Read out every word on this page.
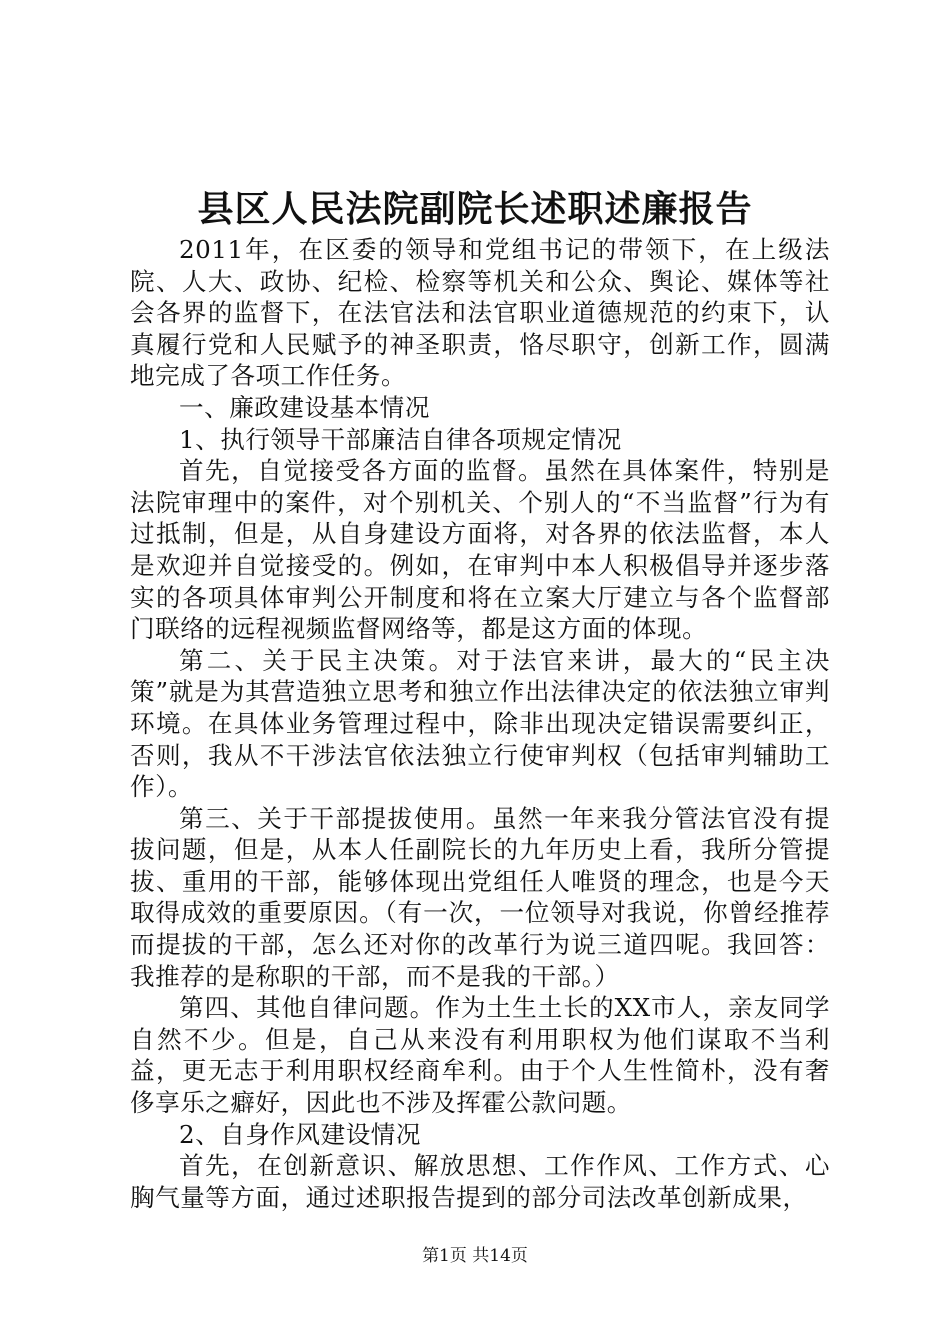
县区人民法院副院长述职述廉报告

2011年，在区委的领导和党组书记的带领下，在上级法院、人大、政协、纪检、检察等机关和公众、舆论、媒体等社会各界的监督下，在法官法和法官职业道德规范的约束下，认真履行党和人民赋予的神圣职责，恪尽职守，创新工作，圆满地完成了各项工作任务。

一、廉政建设基本情况

1、执行领导干部廉洁自律各项规定情况

首先，自觉接受各方面的监督。虽然在具体案件，特别是法院审理中的案件，对个别机关、个别人的“不当监督”行为有过抵制，但是，从自身建设方面将，对各界的依法监督，本人是欢迎并自觉接受的。例如，在审判中本人积极倡导并逐步落实的各项具体审判公开制度和将在立案大厅建立与各个监督部门联络的远程视频监督网络等，都是这方面的体现。

第二、关于民主决策。对于法官来讲，最大的“民主决策”就是为其营造独立思考和独立作出法律决定的依法独立审判环境。在具体业务管理过程中，除非出现决定错误需要纠正，否则，我从不干涉法官依法独立行使审判权（包括审判辅助工作）。

第三、关于干部提拔使用。虽然一年来我分管法官没有提拔问题，但是，从本人任副院长的九年历史上看，我所分管提拔、重用的干部，能够体现出党组任人唯贤的理念，也是今天取得成效的重要原因。（有一次，一位领导对我说，你曾经推荐而提拔的干部，怎么还对你的改革行为说三道四呢。我回答：我推荐的是称职的干部，而不是我的干部。）

第四、其他自律问题。作为土生土长的XX市人，亲友同学自然不少。但是，自己从来没有利用职权为他们谋取不当利益，更无志于利用职权经商牟利。由于个人生性简朴，没有奢侈享乐之癖好，因此也不涉及挥霍公款问题。

2、自身作风建设情况

首先，在创新意识、解放思想、工作作风、工作方式、心胸气量等方面，通过述职报告提到的部分司法改革创新成果，

第1页 共14页
